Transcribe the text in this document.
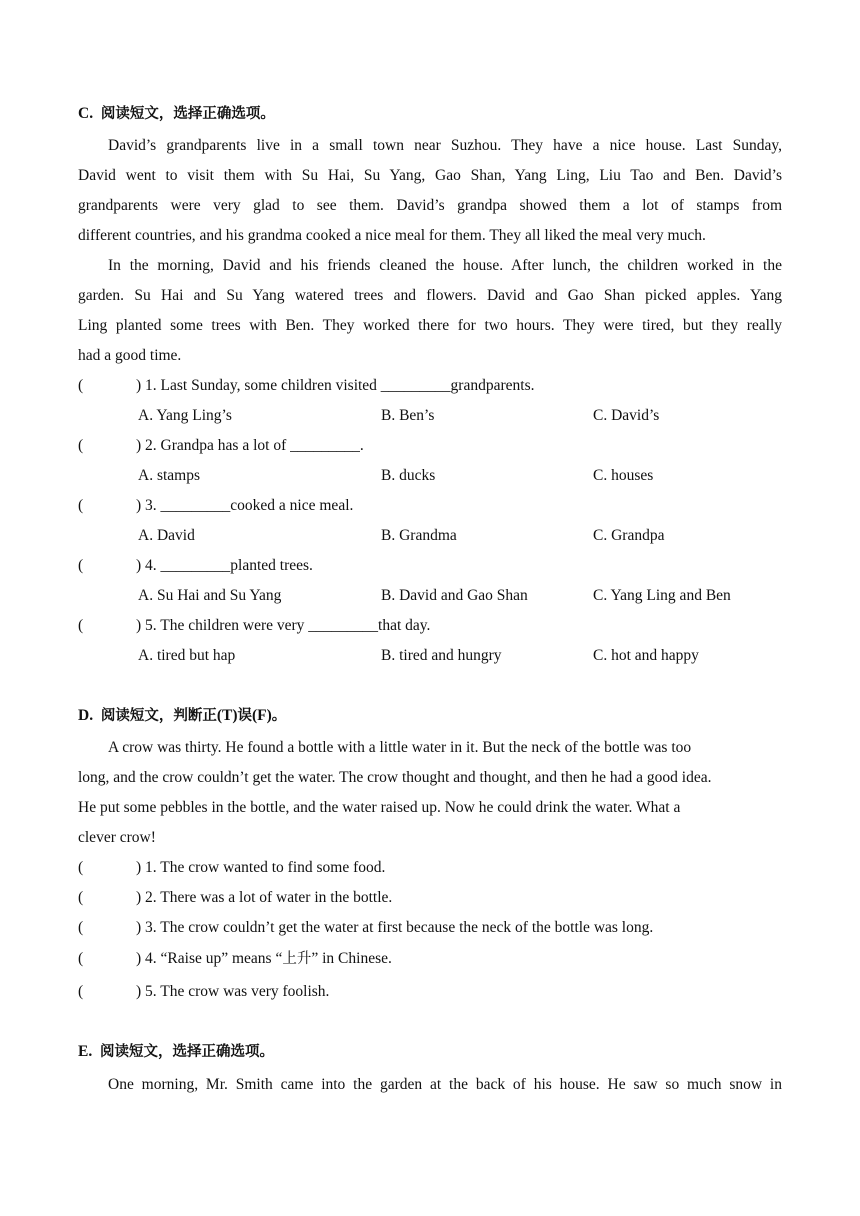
C. 阅读短文，选择正确选项。
David’s grandparents live in a small town near Suzhou. They have a nice house. Last Sunday,
David went to visit them with Su Hai, Su Yang, Gao Shan, Yang Ling, Liu Tao and Ben. David’s
grandparents were very glad to see them. David’s grandpa showed them a lot of stamps from
different countries, and his grandma cooked a nice meal for them. They all liked the meal very much.
In the morning, David and his friends cleaned the house. After lunch, the children worked in the
garden. Su Hai and Su Yang watered trees and flowers. David and Gao Shan picked apples. Yang
Ling planted some trees with Ben. They worked there for two hours. They were tired, but they really
had a good time.
(	) 1. Last Sunday, some children visited _________grandparents.
A. Yang Ling’s	B. Ben’s	C. David’s
(	) 2. Grandpa has a lot of _________.
A. stamps	B. ducks	C. houses
(	) 3. _________cooked a nice meal.
A. David	B. Grandma	C. Grandpa
(	) 4. _________planted trees.
A. Su Hai and Su Yang	B. David and Gao Shan	C. Yang Ling and Ben
(	) 5. The children were very _________that day.
A. tired but hap	B. tired and hungry	C. hot and happy
D. 阅读短文，判断正(T)误(F)。
A crow was thirty. He found a bottle with a little water in it. But the neck of the bottle was too
long, and the crow couldn’t get the water. The crow thought and thought, and then he had a good idea.
He put some pebbles in the bottle, and the water raised up. Now he could drink the water. What a
clever crow!
(	) 1. The crow wanted to find some food.
(	) 2. There was a lot of water in the bottle.
(	) 3. The crow couldn’t get the water at first because the neck of the bottle was long.
(	) 4. “Raise up” means “上升” in Chinese.
(	) 5. The crow was very foolish.
E. 阅读短文，选择正确选项。
One morning, Mr. Smith came into the garden at the back of his house. He saw so much snow in
